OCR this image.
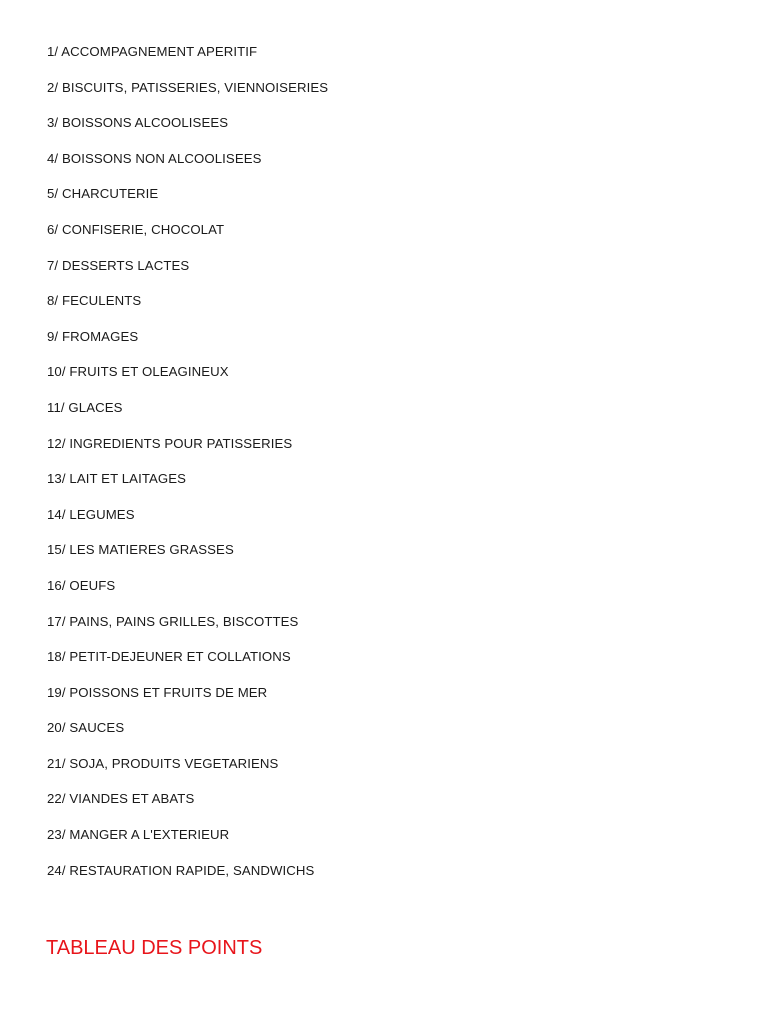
1/ ACCOMPAGNEMENT APERITIF
2/ BISCUITS, PATISSERIES, VIENNOISERIES
3/ BOISSONS ALCOOLISEES
4/ BOISSONS NON ALCOOLISEES
5/ CHARCUTERIE
6/ CONFISERIE, CHOCOLAT
7/ DESSERTS LACTES
8/ FECULENTS
9/ FROMAGES
10/ FRUITS ET OLEAGINEUX
11/ GLACES
12/ INGREDIENTS POUR PATISSERIES
13/ LAIT ET LAITAGES
14/ LEGUMES
15/ LES MATIERES GRASSES
16/ OEUFS
17/ PAINS, PAINS GRILLES, BISCOTTES
18/ PETIT-DEJEUNER ET COLLATIONS
19/ POISSONS ET FRUITS DE MER
20/ SAUCES
21/ SOJA, PRODUITS VEGETARIENS
22/ VIANDES ET ABATS
23/ MANGER A L'EXTERIEUR
24/ RESTAURATION RAPIDE, SANDWICHS
TABLEAU DES POINTS
